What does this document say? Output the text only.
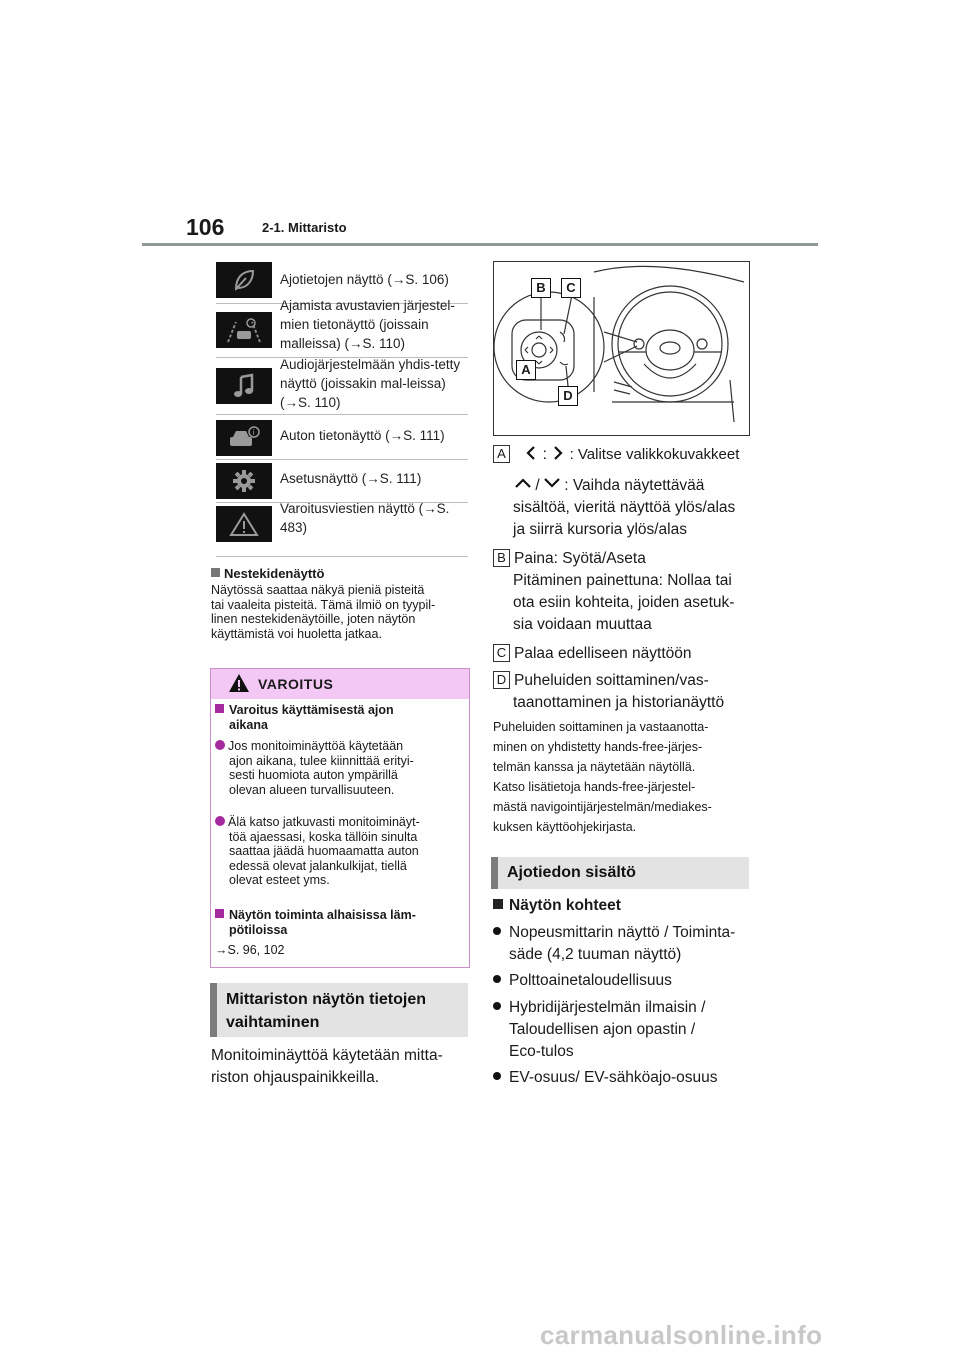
106	2-1. Mittaristo
Ajotietojen näyttö (→S. 106)
Ajamista avustavien järjestel-mien tietonäyttö (joissain malleissa) (→S. 110)
Audiojärjestelmään yhdis-tetty näyttö (joissakin mal-leissa) (→S. 110)
i Auton tietonäyttö (→S. 111)
Asetusnäyttö (→S. 111)
Varoitusviestien näyttö (→S. 483)
Nestekidenäyttö
Näytössä saattaa näkyä pieniä pisteitä
tai vaaleita pisteitä. Tämä ilmiö on tyypil-
linen nestekidenäytöille, joten näytön
käyttämistä voi huoletta jatkaa.
VAROITUS
Varoitus käyttämisestä ajon
aikana
Jos monitoiminäyttöä käytetään
ajon aikana, tulee kiinnittää erityi-
sesti huomiota auton ympärillä
olevan alueen turvallisuuteen.
Älä katso jatkuvasti monitoiminäyt-
töä ajaessasi, koska tällöin sinulta
saattaa jäädä huomaamatta auton
edessä olevat jalankulkijat, tiellä
olevat esteet yms.
Näytön toiminta alhaisissa läm-
pötiloissa
→S. 96, 102
Mittariston näytön tietojen
vaihtaminen
Monitoiminäyttöä käytetään mitta-
riston ohjauspainikkeilla.
B	C
A
D
A : : Valitse valikkokuvakkeet
/ : Vaihda näytettävää
sisältöä, vieritä näyttöä ylös/alas
ja siirrä kursoria ylös/alas
B Paina: Syötä/Aseta
Pitäminen painettuna: Nollaa tai
ota esiin kohteita, joiden asetuk-
sia voidaan muuttaa
C Palaa edelliseen näyttöön
D Puheluiden soittaminen/vas-
taanottaminen ja historianäyttö
Puheluiden soittaminen ja vastaanotta-
minen on yhdistetty hands-free-järjes-
telmän kanssa ja näytetään näytöllä.
Katso lisätietoja hands-free-järjestel-
mästä navigointijärjestelmän/mediakes-
kuksen käyttöohjekirjasta.
Ajotiedon sisältö
Näytön kohteet
Nopeusmittarin näyttö / Toiminta-
säde (4,2 tuuman näyttö)
Polttoainetaloudellisuus
Hybridijärjestelmän ilmaisin /
Taloudellisen ajon opastin /
Eco-tulos
EV-osuus/ EV-sähköajo-osuus
carmanualsonline.info
